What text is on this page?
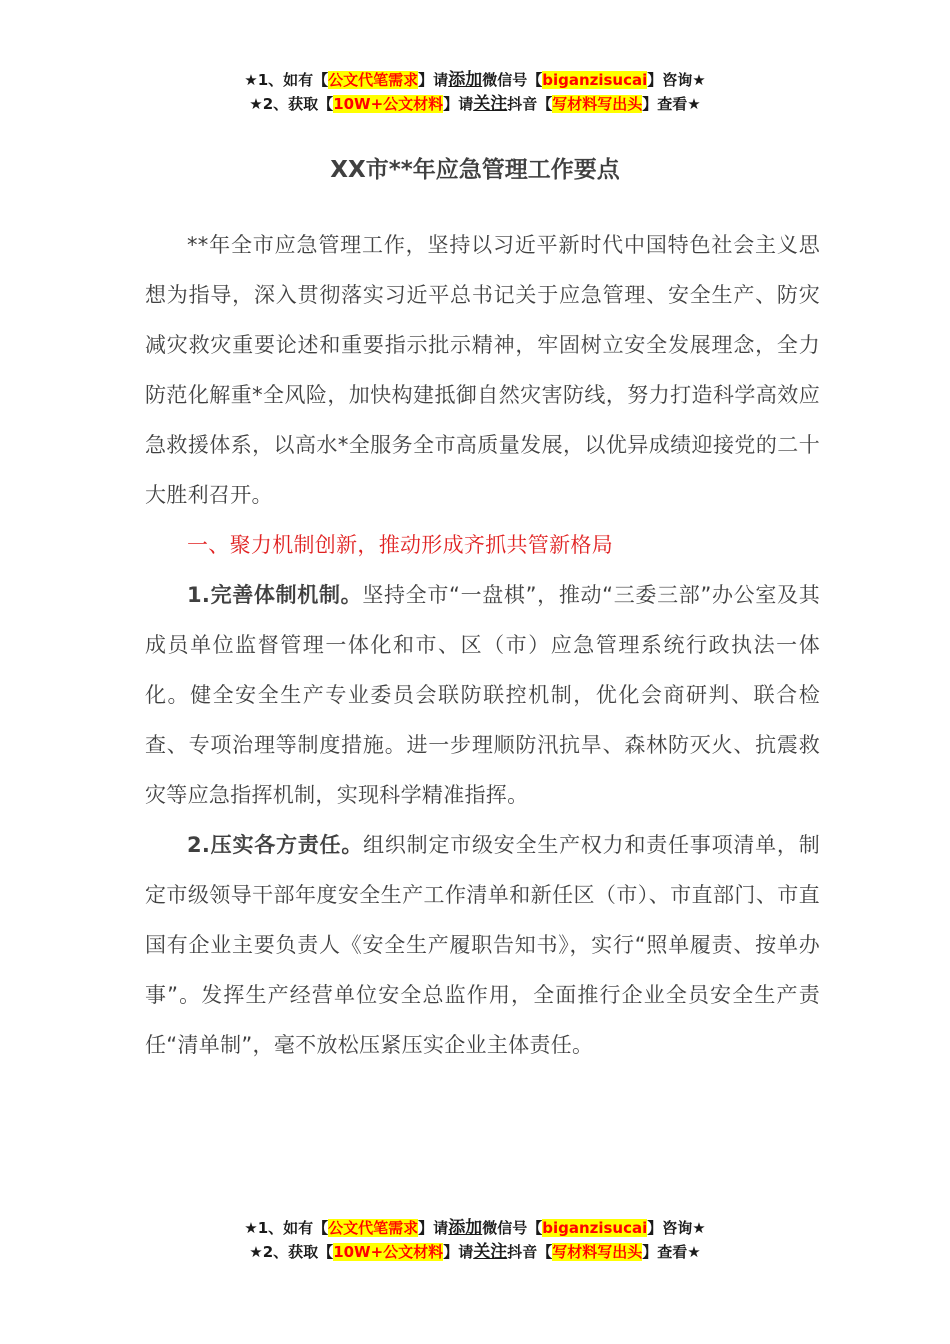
★1、如有【公文代笔需求】请添加微信号【biganzisucai】咨询★
★2、获取【10W+公文材料】请关注抖音【写材料写出头】查看★
XX市**年应急管理工作要点

**年全市应急管理工作，坚持以习近平新时代中国特色社会主义思想为指导，深入贯彻落实习近平总书记关于应急管理、安全生产、防灾减灾救灾重要论述和重要指示批示精神，牢固树立安全发展理念，全力防范化解重*全风险，加快构建抵御自然灾害防线，努力打造科学高效应急救援体系，以高水*全服务全市高质量发展，以优异成绩迎接党的二十大胜利召开。

一、聚力机制创新，推动形成齐抓共管新格局

1.完善体制机制。坚持全市“一盘棋”，推动“三委三部”办公室及其成员单位监督管理一体化和市、区（市）应急管理系统行政执法一体化。健全安全生产专业委员会联防联控机制，优化会商研判、联合检查、专项治理等制度措施。进一步理顺防汛抗旱、森林防灭火、抗震救灾等应急指挥机制，实现科学精准指挥。

2.压实各方责任。组织制定市级安全生产权力和责任事项清单，制定市级领导干部年度安全生产工作清单和新任区（市）、市直部门、市直国有企业主要负责人《安全生产履职告知书》，实行“照单履责、按单办事”。发挥生产经营单位安全总监作用，全面推行企业全员安全生产责任“清单制”，毫不放松压紧压实企业主体责任。

★1、如有【公文代笔需求】请添加微信号【biganzisucai】咨询★
★2、获取【10W+公文材料】请关注抖音【写材料写出头】查看★
